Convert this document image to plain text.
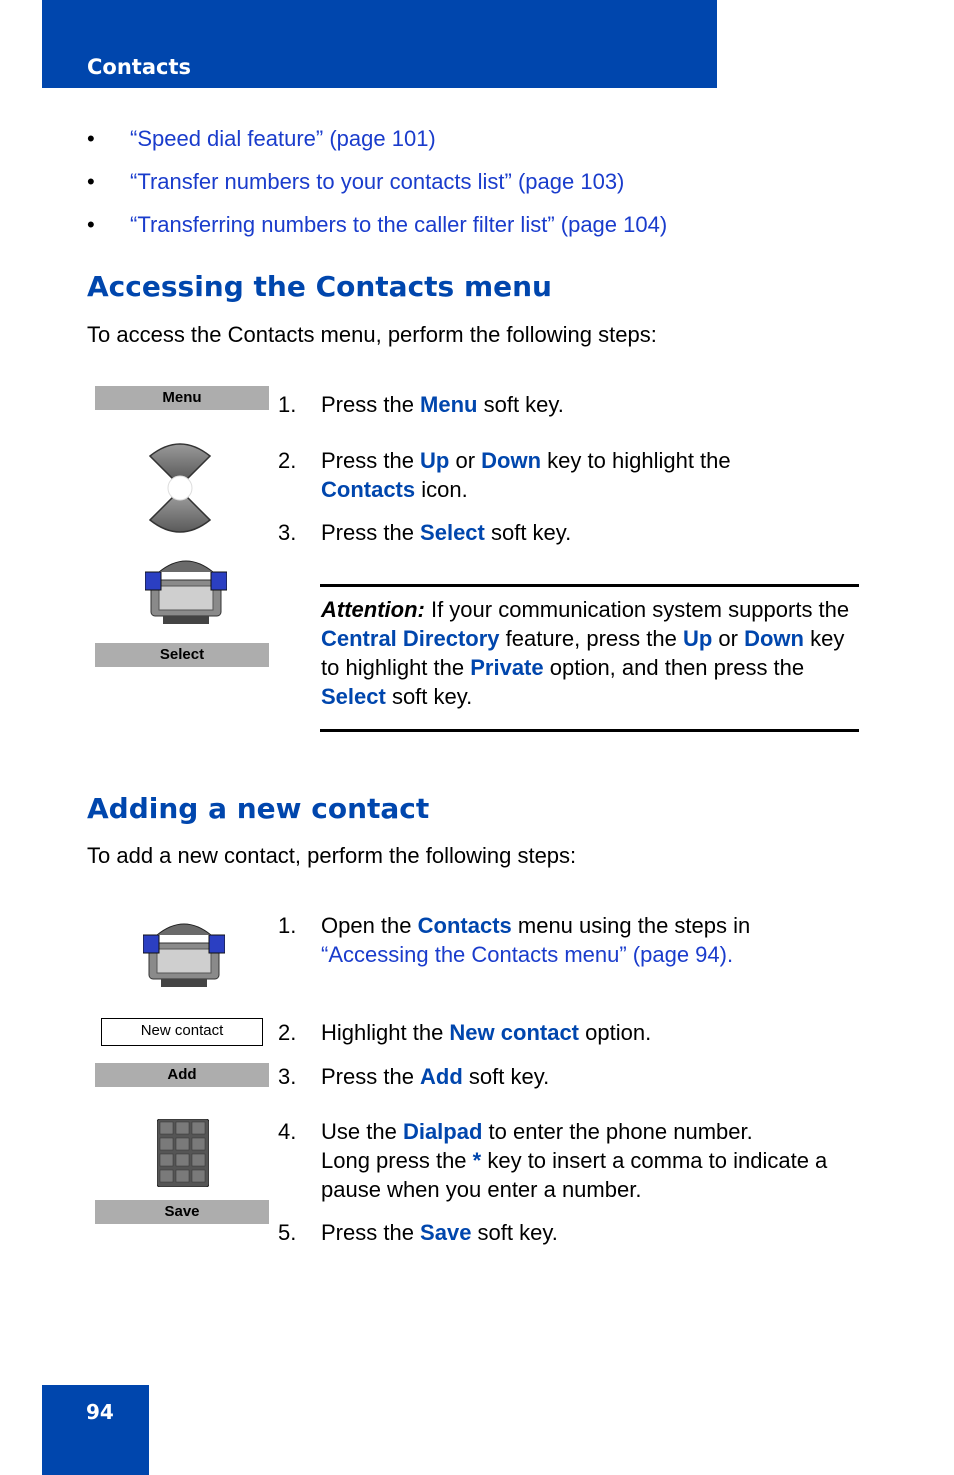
Contacts
• “Speed dial feature” (page 101)
• “Transfer numbers to your contacts list” (page 103)
• “Transferring numbers to the caller filter list” (page 104)
Accessing the Contacts menu
To access the Contacts menu, perform the following steps:
Menu
Select
1. Press the Menu soft key.
2. Press the Up or Down key to highlight the
Contacts icon.
3. Press the Select soft key.
Attention: If your communication system supports the Central Directory feature, press the Up or Down key to highlight the Private option, and then press the Select soft key.
Adding a new contact
To add a new contact, perform the following steps:
New contact
Add
Save
1. Open the Contacts menu using the steps in
“Accessing the Contacts menu” (page 94).
2. Highlight the New contact option.
3. Press the Add soft key.
4. Use the Dialpad to enter the phone number.
Long press the * key to insert a comma to indicate a pause when you enter a number.
5. Press the Save soft key.
94
